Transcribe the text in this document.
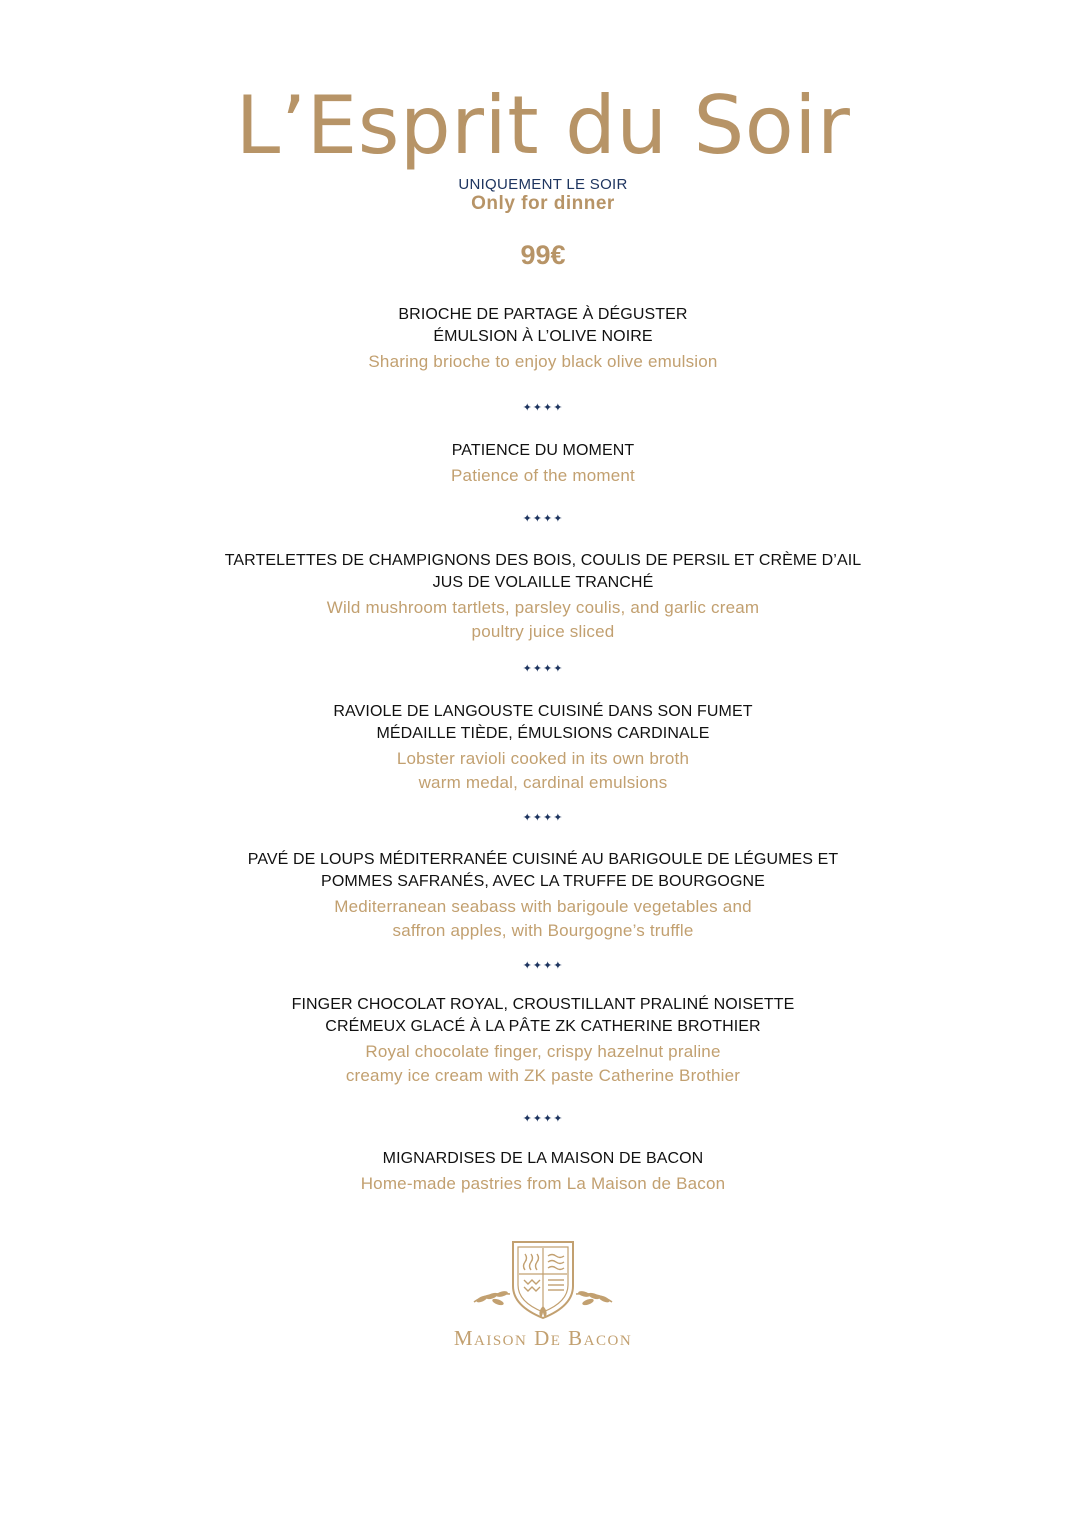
L’Esprit du Soir
UNIQUEMENT LE SOIR
Only for dinner
99€
BRIOCHE DE PARTAGE À DÉGUSTER
ÉMULSION À L’OLIVE NOIRE
Sharing brioche to enjoy black olive emulsion
✦✦✦✦
PATIENCE DU MOMENT
Patience of the moment
✦✦✦✦
TARTELETTES DE CHAMPIGNONS DES BOIS, COULIS DE PERSIL ET CRÈME D’AIL
JUS DE VOLAILLE TRANCHÉ
Wild mushroom tartlets, parsley coulis, and garlic cream
poultry juice sliced
✦✦✦✦
RAVIOLE DE LANGOUSTE CUISINÉ DANS SON FUMET
MÉDAILLE TIÈDE, ÉMULSIONS CARDINALE
Lobster ravioli cooked in its own broth
warm medal, cardinal emulsions
✦✦✦✦
PAVÉ DE LOUPS MÉDITERRANÉE CUISINÉ AU BARIGOULE DE LÉGUMES ET
POMMES SAFRANÉS, AVEC LA TRUFFE DE BOURGOGNE
Mediterranean seabass with barigoule vegetables and
saffron apples, with Bourgogne’s truffle
✦✦✦✦
FINGER CHOCOLAT ROYAL, CROUSTILLANT PRALINÉ NOISETTE
CRÉMEUX GLACÉ À LA PÂTE ZK CATHERINE BROTHIER
Royal chocolate finger, crispy hazelnut praline
creamy ice cream with ZK paste Catherine Brothier
✦✦✦✦
MIGNARDISES DE LA MAISON DE BACON
Home-made pastries from La Maison de Bacon
Maison De Bacon
